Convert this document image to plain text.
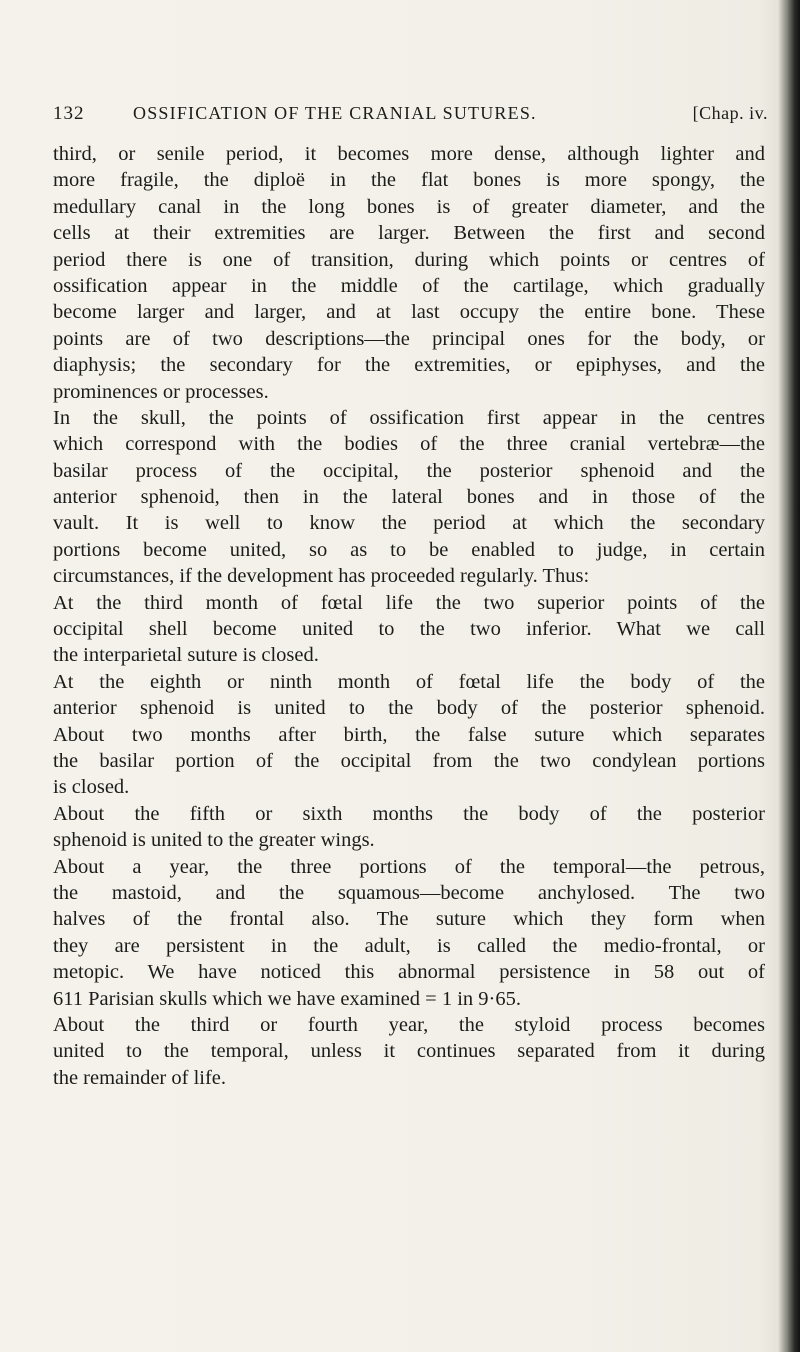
132	OSSIFICATION OF THE CRANIAL SUTURES.	[Chap. iv.
third, or senile period, it becomes more dense, although lighter and
more fragile, the diploë in the flat bones is more spongy, the
medullary canal in the long bones is of greater diameter, and the
cells at their extremities are larger. Between the first and second
period there is one of transition, during which points or centres of
ossification appear in the middle of the cartilage, which gradually
become larger and larger, and at last occupy the entire bone. These
points are of two descriptions—the principal ones for the body, or
diaphysis; the secondary for the extremities, or epiphyses, and the
prominences or processes.
In the skull, the points of ossification first appear in the centres
which correspond with the bodies of the three cranial vertebræ—the
basilar process of the occipital, the posterior sphenoid and the
anterior sphenoid, then in the lateral bones and in those of the
vault. It is well to know the period at which the secondary
portions become united, so as to be enabled to judge, in certain
circumstances, if the development has proceeded regularly. Thus:
At the third month of fœtal life the two superior points of the
occipital shell become united to the two inferior. What we call
the interparietal suture is closed.
At the eighth or ninth month of fœtal life the body of the
anterior sphenoid is united to the body of the posterior sphenoid.
About two months after birth, the false suture which separates
the basilar portion of the occipital from the two condylean portions
is closed.
About the fifth or sixth months the body of the posterior
sphenoid is united to the greater wings.
About a year, the three portions of the temporal—the petrous,
the mastoid, and the squamous—become anchylosed. The two
halves of the frontal also. The suture which they form when
they are persistent in the adult, is called the medio-frontal, or
metopic. We have noticed this abnormal persistence in 58 out of
611 Parisian skulls which we have examined = 1 in 9·65.
About the third or fourth year, the styloid process becomes
united to the temporal, unless it continues separated from it during
the remainder of life.
